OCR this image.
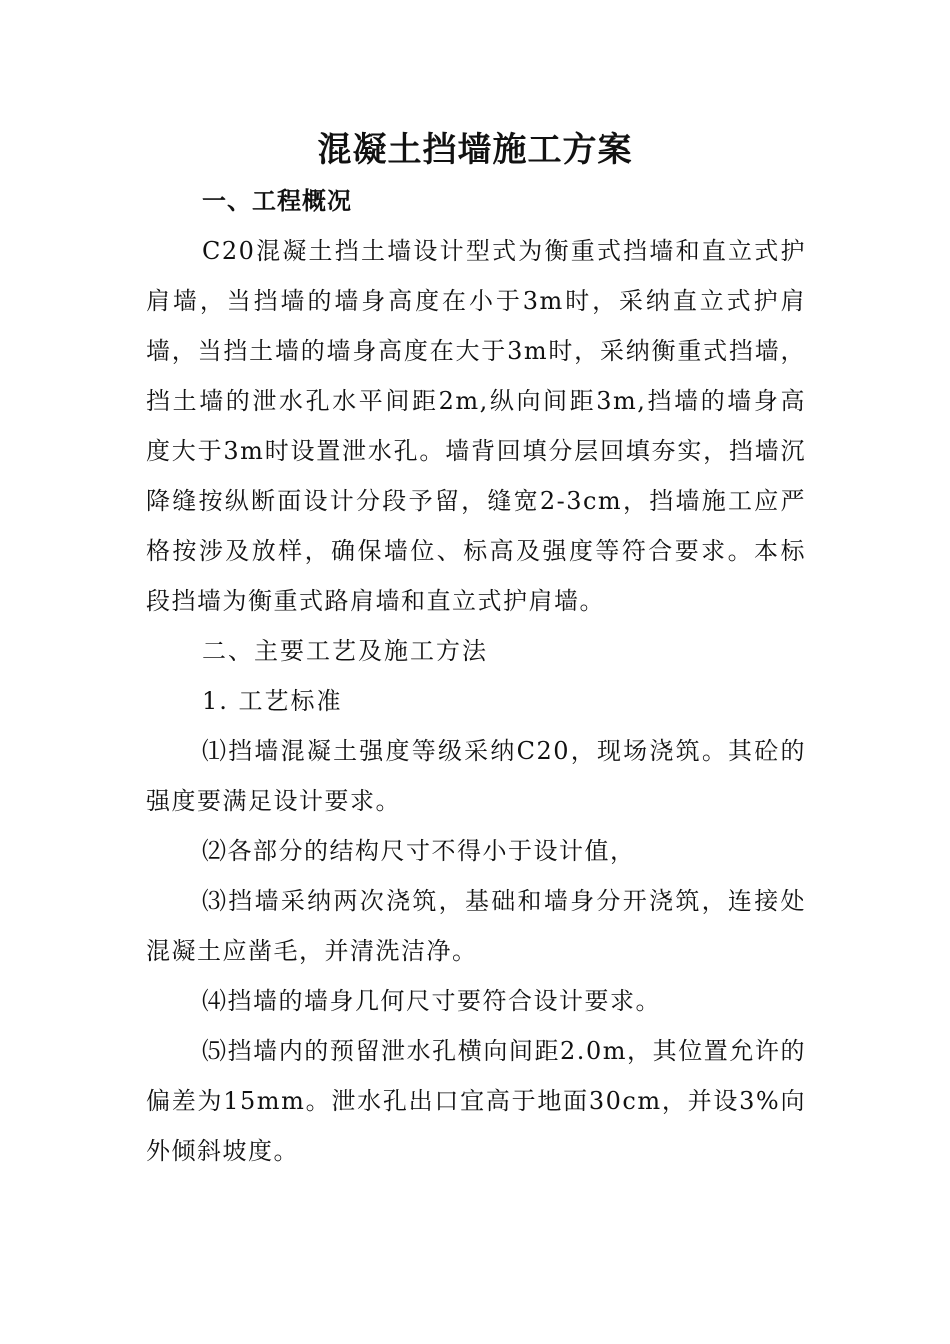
混凝土挡墙施工方案

一、工程概况

C20混凝土挡土墙设计型式为衡重式挡墙和直立式护肩墙，当挡墙的墙身高度在小于3m时，采纳直立式护肩墙，当挡土墙的墙身高度在大于3m时，采纳衡重式挡墙，挡土墙的泄水孔水平间距2m,纵向间距3m,挡墙的墙身高度大于3m时设置泄水孔。墙背回填分层回填夯实，挡墙沉降缝按纵断面设计分段予留，缝宽2-3cm，挡墙施工应严格按涉及放样，确保墙位、标高及强度等符合要求。本标段挡墙为衡重式路肩墙和直立式护肩墙。

二、主要工艺及施工方法

1. 工艺标准

⑴挡墙混凝土强度等级采纳C20，现场浇筑。其砼的强度要满足设计要求。

⑵各部分的结构尺寸不得小于设计值，

⑶挡墙采纳两次浇筑，基础和墙身分开浇筑，连接处混凝土应凿毛，并清洗洁净。

⑷挡墙的墙身几何尺寸要符合设计要求。

⑸挡墙内的预留泄水孔横向间距2.0m，其位置允许的偏差为15mm。泄水孔出口宜高于地面30cm，并设3%向外倾斜坡度。
